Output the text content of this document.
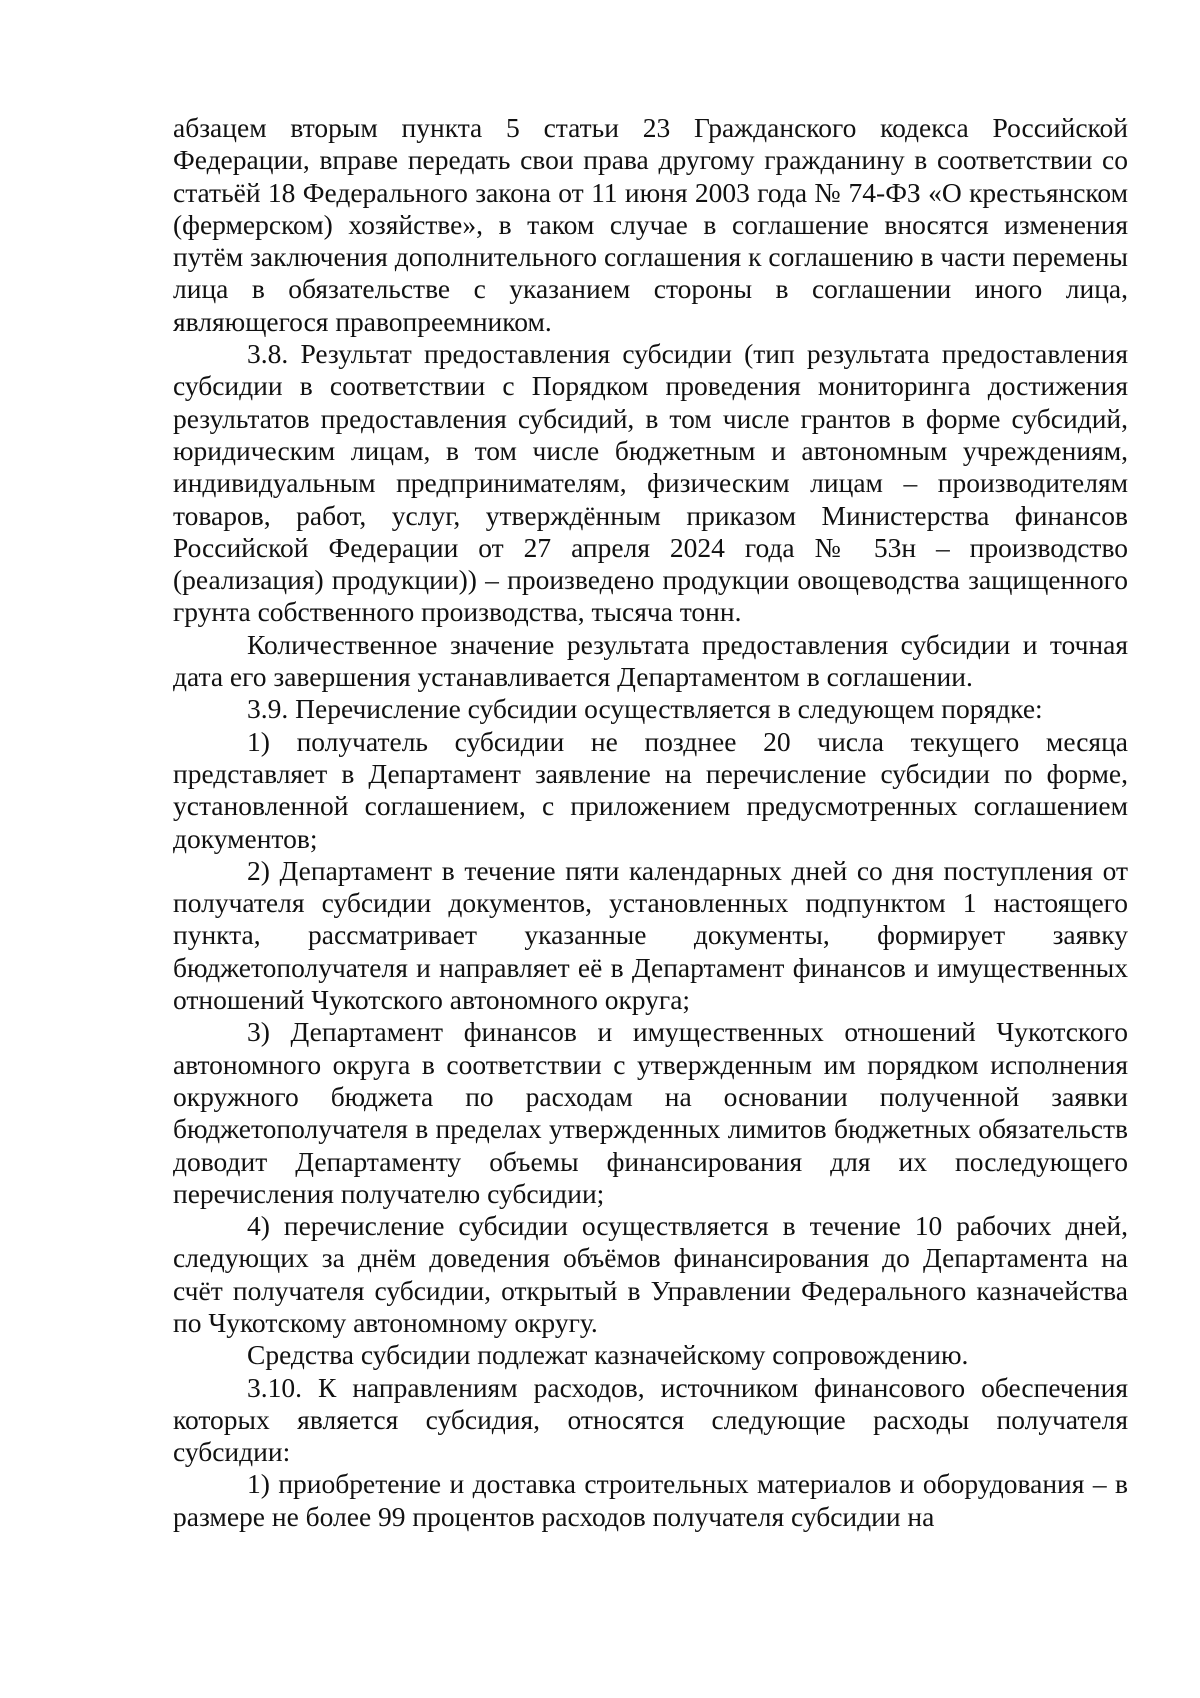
абзацем вторым пункта 5 статьи 23 Гражданского кодекса Российской Федерации, вправе передать свои права другому гражданину в соответствии со статьёй 18 Федерального закона от 11 июня 2003 года № 74-ФЗ «О крестьянском (фермерском) хозяйстве», в таком случае в соглашение вносятся изменения путём заключения дополнительного соглашения к соглашению в части перемены лица в обязательстве с указанием стороны в соглашении иного лица, являющегося правопреемником.

3.8. Результат предоставления субсидии (тип результата предоставления субсидии в соответствии с Порядком проведения мониторинга достижения результатов предоставления субсидий, в том числе грантов в форме субсидий, юридическим лицам, в том числе бюджетным и автономным учреждениям, индивидуальным предпринимателям, физическим лицам – производителям товаров, работ, услуг, утверждённым приказом Министерства финансов Российской Федерации от 27 апреля 2024 года № 53н – производство (реализация) продукции)) – произведено продукции овощеводства защищенного грунта собственного производства, тысяча тонн.

Количественное значение результата предоставления субсидии и точная дата его завершения устанавливается Департаментом в соглашении.

3.9. Перечисление субсидии осуществляется в следующем порядке:

1) получатель субсидии не позднее 20 числа текущего месяца представляет в Департамент заявление на перечисление субсидии по форме, установленной соглашением, с приложением предусмотренных соглашением документов;

2) Департамент в течение пяти календарных дней со дня поступления от получателя субсидии документов, установленных подпунктом 1 настоящего пункта, рассматривает указанные документы, формирует заявку бюджетополучателя и направляет её в Департамент финансов и имущественных отношений Чукотского автономного округа;

3) Департамент финансов и имущественных отношений Чукотского автономного округа в соответствии с утвержденным им порядком исполнения окружного бюджета по расходам на основании полученной заявки бюджетополучателя в пределах утвержденных лимитов бюджетных обязательств доводит Департаменту объемы финансирования для их последующего перечисления получателю субсидии;

4) перечисление субсидии осуществляется в течение 10 рабочих дней, следующих за днём доведения объёмов финансирования до Департамента на счёт получателя субсидии, открытый в Управлении Федерального казначейства по Чукотскому автономному округу.

Средства субсидии подлежат казначейскому сопровождению.

3.10. К направлениям расходов, источником финансового обеспечения которых является субсидия, относятся следующие расходы получателя субсидии:

1) приобретение и доставка строительных материалов и оборудования – в размере не более 99 процентов расходов получателя субсидии на
